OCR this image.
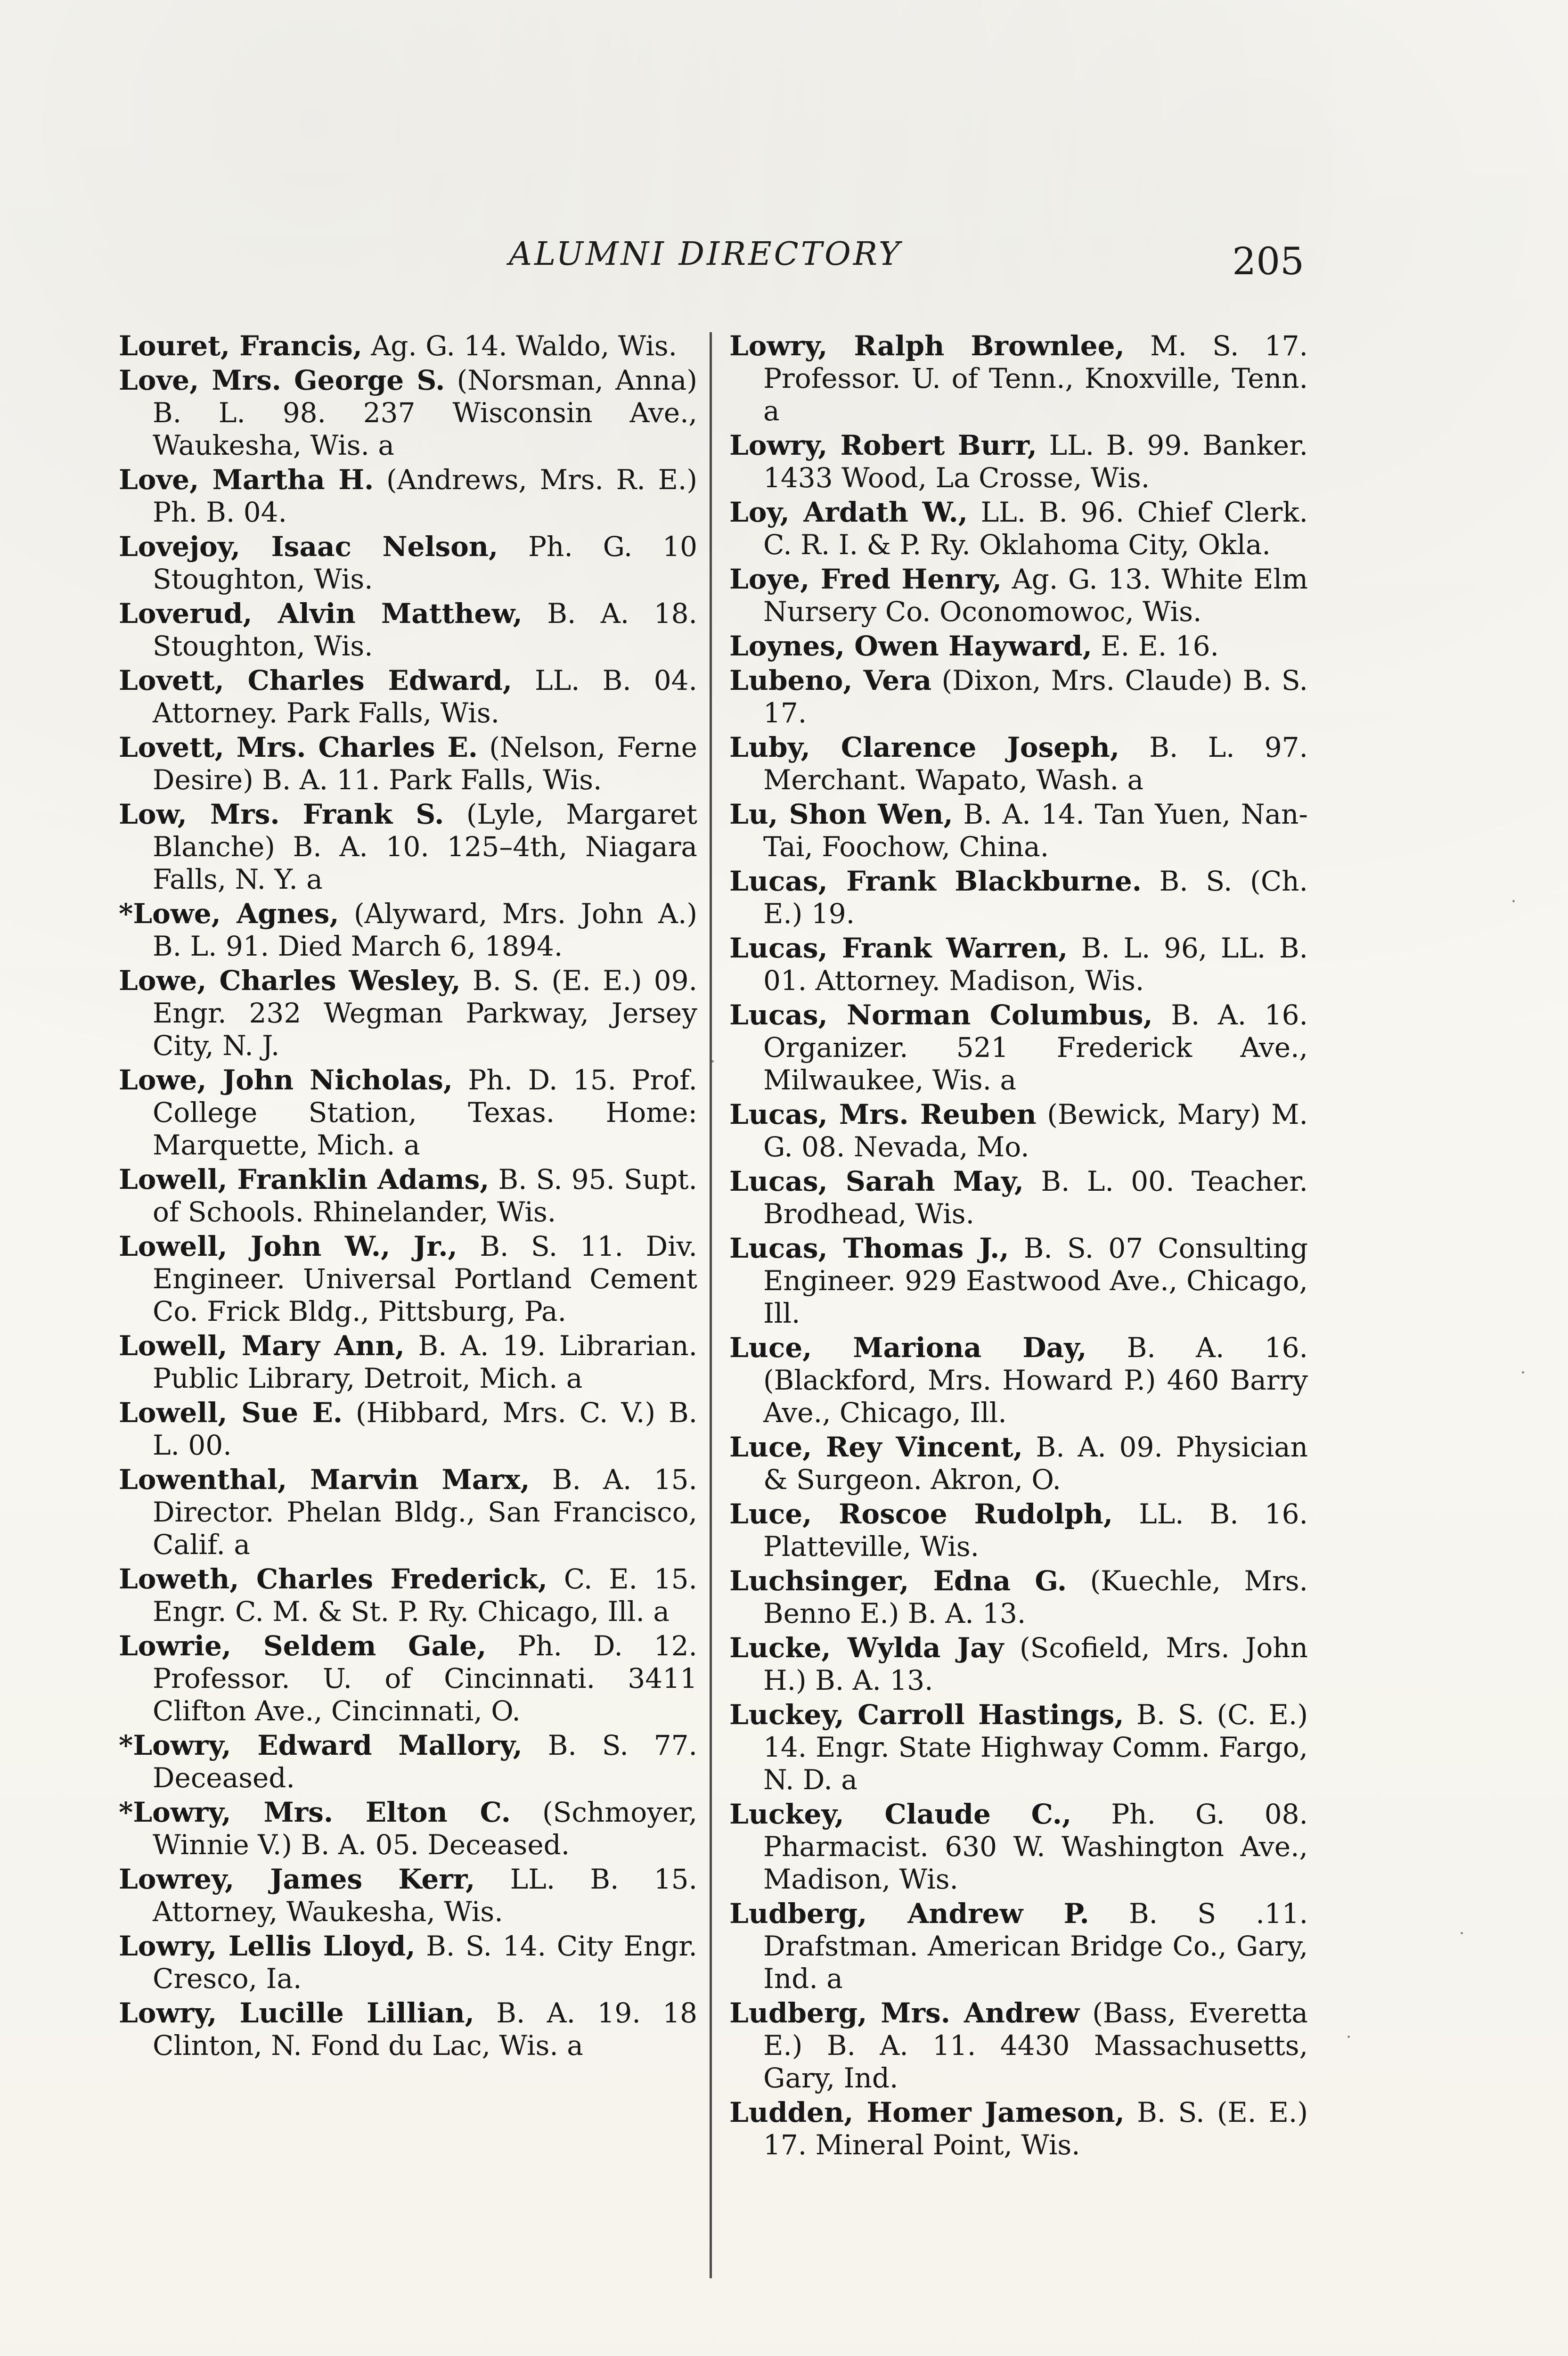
ALUMNI DIRECTORY	205
Louret, Francis, Ag. G. 14. Waldo, Wis.
Love, Mrs. George S. (Norsman, Anna) B. L. 98. 237 Wisconsin Ave., Waukesha, Wis. a
Love, Martha H. (Andrews, Mrs. R. E.) Ph. B. 04.
Lovejoy, Isaac Nelson, Ph. G. 10 Stoughton, Wis.
Loverud, Alvin Matthew, B. A. 18. Stoughton, Wis.
Lovett, Charles Edward, LL. B. 04. Attorney. Park Falls, Wis.
Lovett, Mrs. Charles E. (Nelson, Ferne Desire) B. A. 11. Park Falls, Wis.
Low, Mrs. Frank S. (Lyle, Margaret Blanche) B. A. 10. 125–4th, Niagara Falls, N. Y. a
*Lowe, Agnes, (Alyward, Mrs. John A.) B. L. 91. Died March 6, 1894.
Lowe, Charles Wesley, B. S. (E. E.) 09. Engr. 232 Wegman Parkway, Jersey City, N. J.
Lowe, John Nicholas, Ph. D. 15. Prof. College Station, Texas. Home: Marquette, Mich. a
Lowell, Franklin Adams, B. S. 95. Supt. of Schools. Rhinelander, Wis.
Lowell, John W., Jr., B. S. 11. Div. Engineer. Universal Portland Cement Co. Frick Bldg., Pittsburg, Pa.
Lowell, Mary Ann, B. A. 19. Librarian. Public Library, Detroit, Mich. a
Lowell, Sue E. (Hibbard, Mrs. C. V.) B. L. 00.
Lowenthal, Marvin Marx, B. A. 15. Director. Phelan Bldg., San Francisco, Calif. a
Loweth, Charles Frederick, C. E. 15. Engr. C. M. & St. P. Ry. Chicago, Ill. a
Lowrie, Seldem Gale, Ph. D. 12. Professor. U. of Cincinnati. 3411 Clifton Ave., Cincinnati, O.
*Lowry, Edward Mallory, B. S. 77. Deceased.
*Lowry, Mrs. Elton C. (Schmoyer, Winnie V.) B. A. 05. Deceased.
Lowrey, James Kerr, LL. B. 15. Attorney, Waukesha, Wis.
Lowry, Lellis Lloyd, B. S. 14. City Engr. Cresco, Ia.
Lowry, Lucille Lillian, B. A. 19. 18 Clinton, N. Fond du Lac, Wis. a
Lowry, Ralph Brownlee, M. S. 17. Professor. U. of Tenn., Knoxville, Tenn. a
Lowry, Robert Burr, LL. B. 99. Banker. 1433 Wood, La Crosse, Wis.
Loy, Ardath W., LL. B. 96. Chief Clerk. C. R. I. & P. Ry. Oklahoma City, Okla.
Loye, Fred Henry, Ag. G. 13. White Elm Nursery Co. Oconomowoc, Wis.
Loynes, Owen Hayward, E. E. 16.
Lubeno, Vera (Dixon, Mrs. Claude) B. S. 17.
Luby, Clarence Joseph, B. L. 97. Merchant. Wapato, Wash. a
Lu, Shon Wen, B. A. 14. Tan Yuen, Nan-Tai, Foochow, China.
Lucas, Frank Blackburne. B. S. (Ch. E.) 19.
Lucas, Frank Warren, B. L. 96, LL. B. 01. Attorney. Madison, Wis.
Lucas, Norman Columbus, B. A. 16. Organizer. 521 Frederick Ave., Milwaukee, Wis. a
Lucas, Mrs. Reuben (Bewick, Mary) M. G. 08. Nevada, Mo.
Lucas, Sarah May, B. L. 00. Teacher. Brodhead, Wis.
Lucas, Thomas J., B. S. 07 Consulting Engineer. 929 Eastwood Ave., Chicago, Ill.
Luce, Mariona Day, B. A. 16. (Blackford, Mrs. Howard P.) 460 Barry Ave., Chicago, Ill.
Luce, Rey Vincent, B. A. 09. Physician & Surgeon. Akron, O.
Luce, Roscoe Rudolph, LL. B. 16. Platteville, Wis.
Luchsinger, Edna G. (Kuechle, Mrs. Benno E.) B. A. 13.
Lucke, Wylda Jay (Scofield, Mrs. John H.) B. A. 13.
Luckey, Carroll Hastings, B. S. (C. E.) 14. Engr. State Highway Comm. Fargo, N. D. a
Luckey, Claude C., Ph. G. 08. Pharmacist. 630 W. Washington Ave., Madison, Wis.
Ludberg, Andrew P. B. S .11. Drafstman. American Bridge Co., Gary, Ind. a
Ludberg, Mrs. Andrew (Bass, Everetta E.) B. A. 11. 4430 Massachusetts, Gary, Ind.
Ludden, Homer Jameson, B. S. (E. E.) 17. Mineral Point, Wis.
